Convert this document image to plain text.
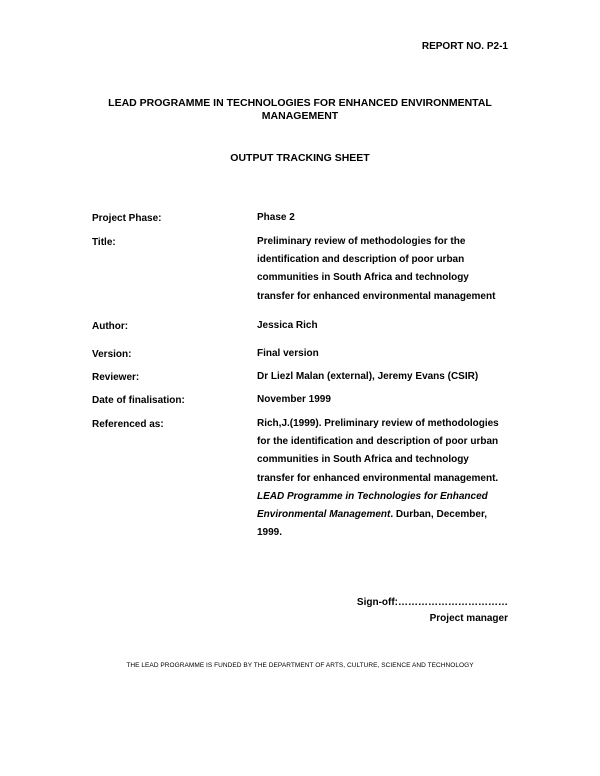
REPORT NO. P2-1
LEAD PROGRAMME IN TECHNOLOGIES FOR ENHANCED ENVIRONMENTAL MANAGEMENT
OUTPUT TRACKING SHEET
Project Phase:	Phase 2
Title:	Preliminary review of methodologies for the
identification and description of poor urban
communities in South Africa and technology
transfer for enhanced environmental management
Author:	Jessica Rich
Version:	Final version
Reviewer:	Dr Liezl Malan (external), Jeremy Evans (CSIR)
Date of finalisation:	November 1999
Referenced as:	Rich,J.(1999). Preliminary review of methodologies
for the identification and description of poor urban
communities in South Africa and technology
transfer for enhanced environmental management.
LEAD Programme in Technologies for Enhanced
Environmental Management. Durban, December,
1999.
Sign-off:……………………………
Project manager
THE LEAD PROGRAMME IS FUNDED BY THE DEPARTMENT OF ARTS, CULTURE, SCIENCE AND TECHNOLOGY
